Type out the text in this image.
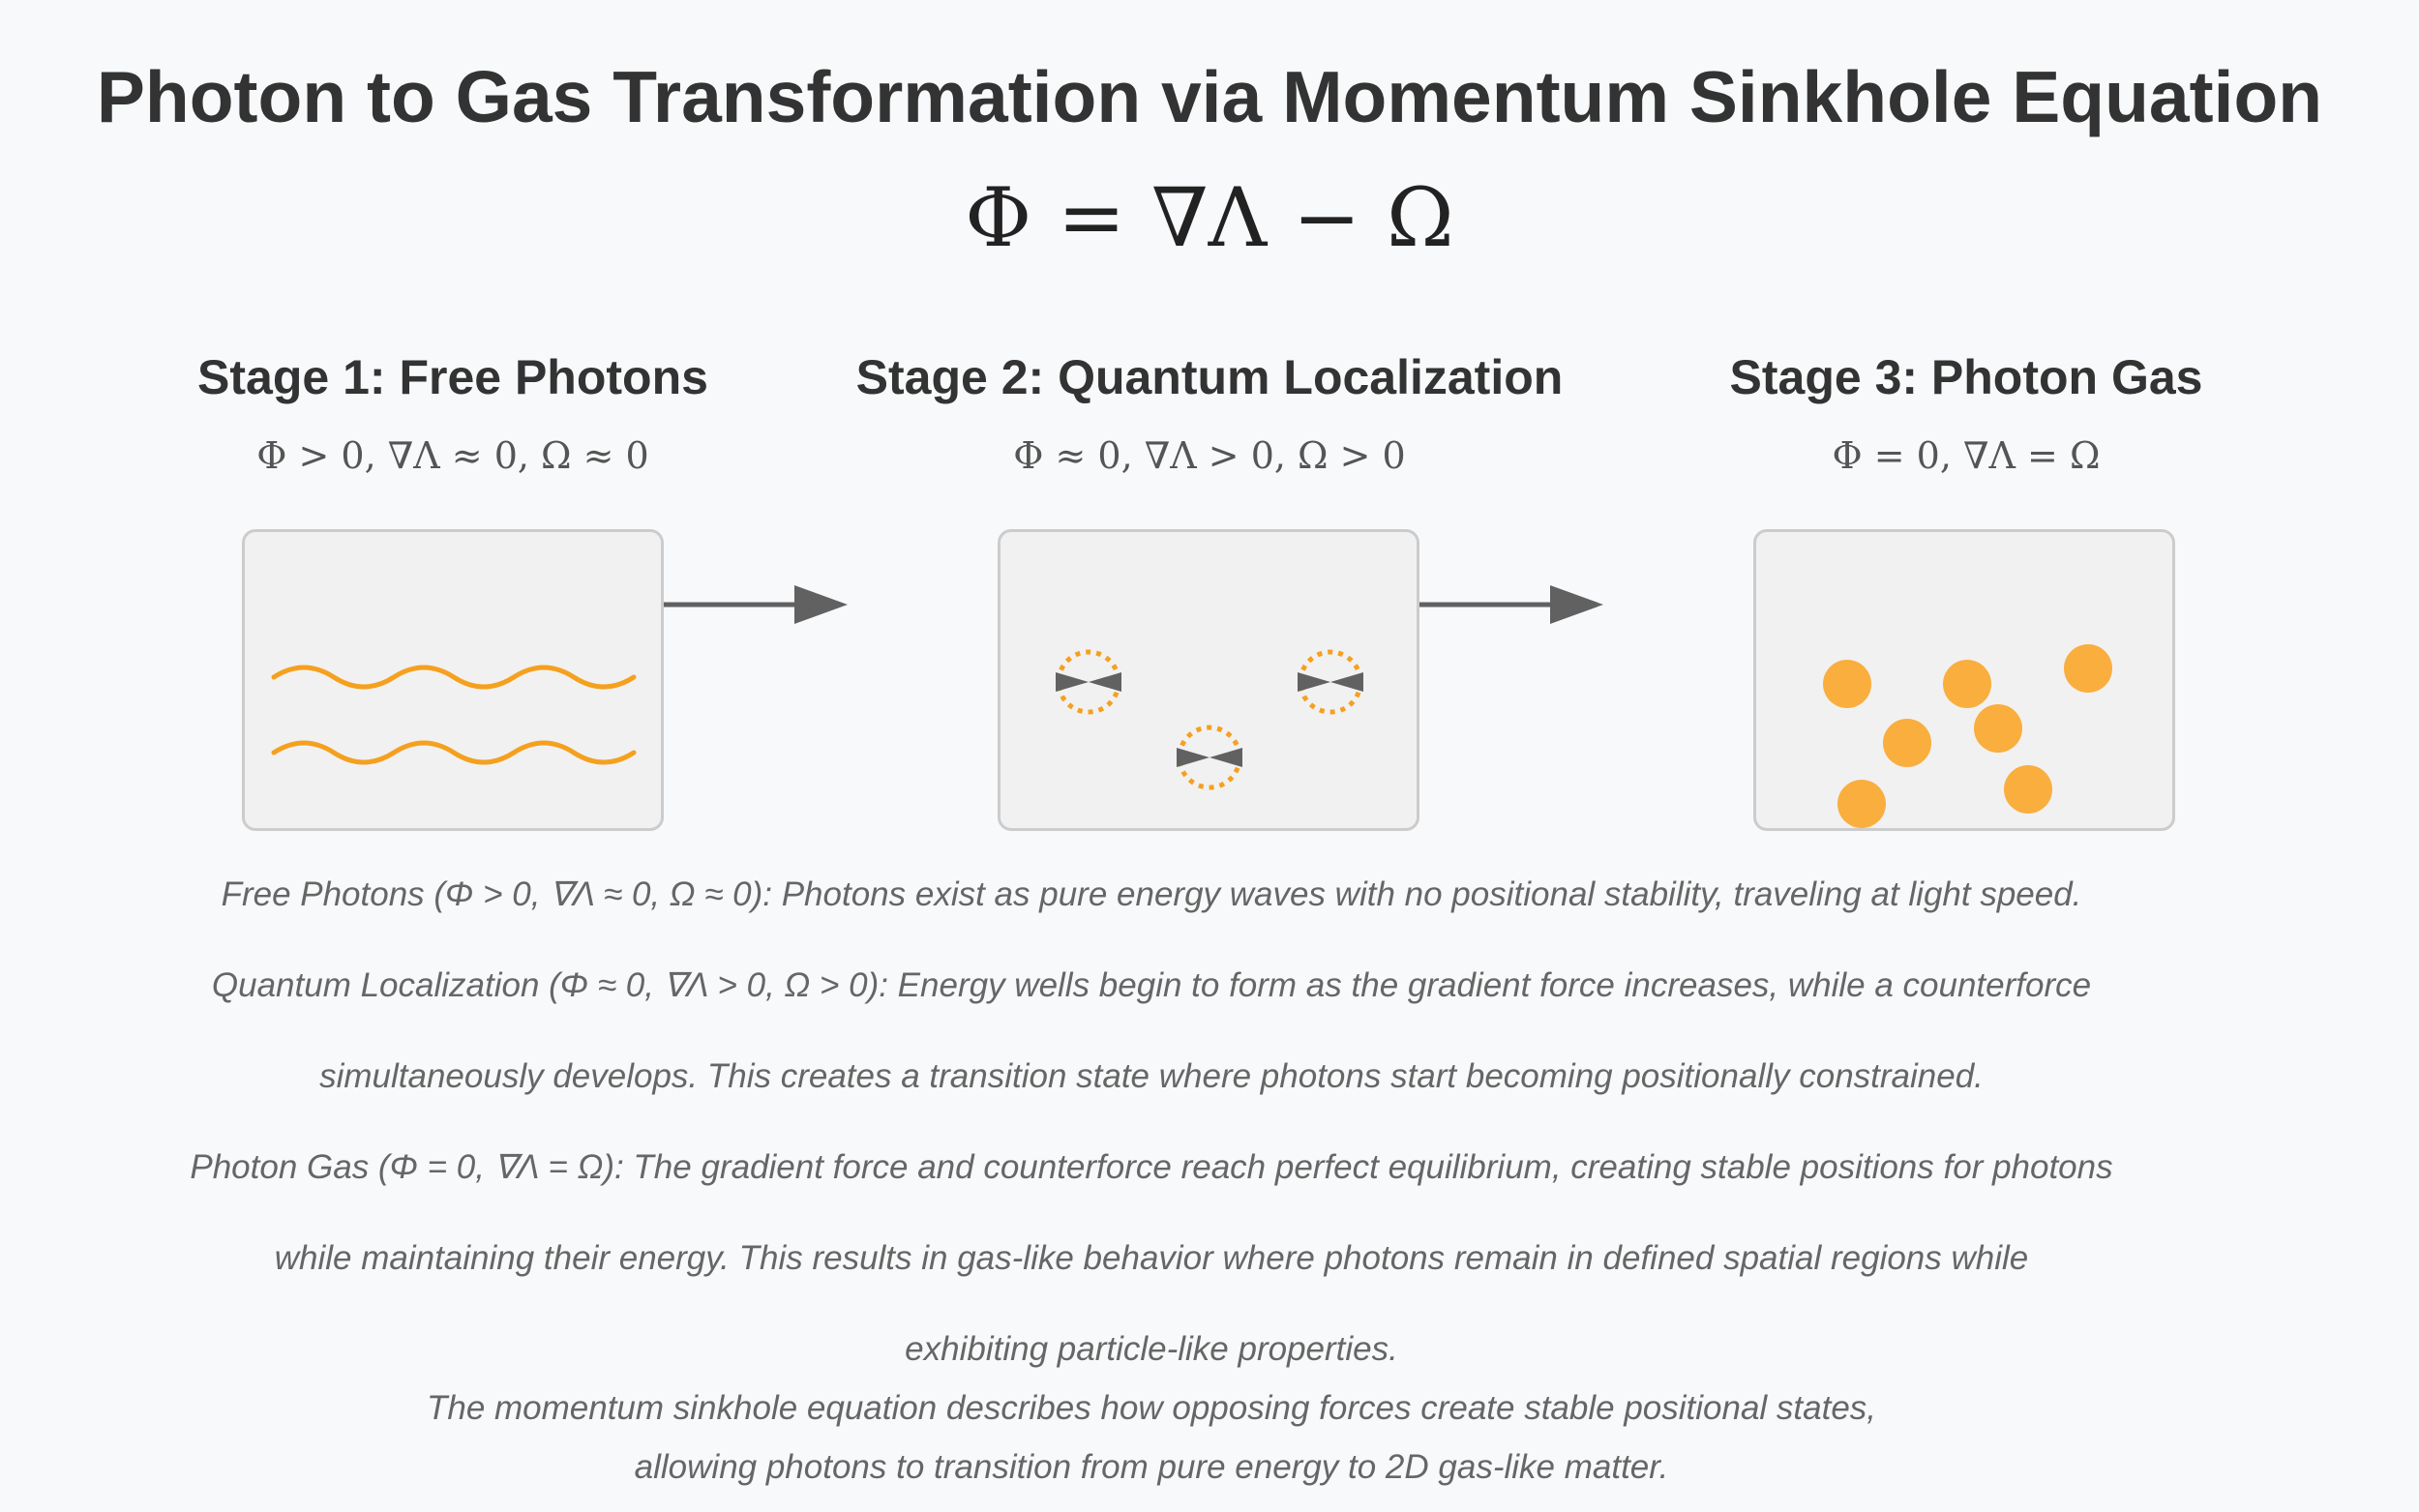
Photon to Gas Transformation via Momentum Sinkhole Equation
Φ = ∇Λ − Ω
Stage 1: Free Photons	Stage 2: Quantum Localization	Stage 3: Photon Gas
Φ > 0, ∇Λ ≈ 0, Ω ≈ 0	Φ ≈ 0, ∇Λ > 0, Ω > 0	Φ = 0, ∇Λ = Ω
Free Photons (Φ > 0, ∇Λ ≈ 0, Ω ≈ 0): Photons exist as pure energy waves with no positional stability, traveling at light speed.
Quantum Localization (Φ ≈ 0, ∇Λ > 0, Ω > 0): Energy wells begin to form as the gradient force increases, while a counterforce
simultaneously develops. This creates a transition state where photons start becoming positionally constrained.
Photon Gas (Φ = 0, ∇Λ = Ω): The gradient force and counterforce reach perfect equilibrium, creating stable positions for photons
while maintaining their energy. This results in gas-like behavior where photons remain in defined spatial regions while
exhibiting particle-like properties.
The momentum sinkhole equation describes how opposing forces create stable positional states,
allowing photons to transition from pure energy to 2D gas-like matter.
